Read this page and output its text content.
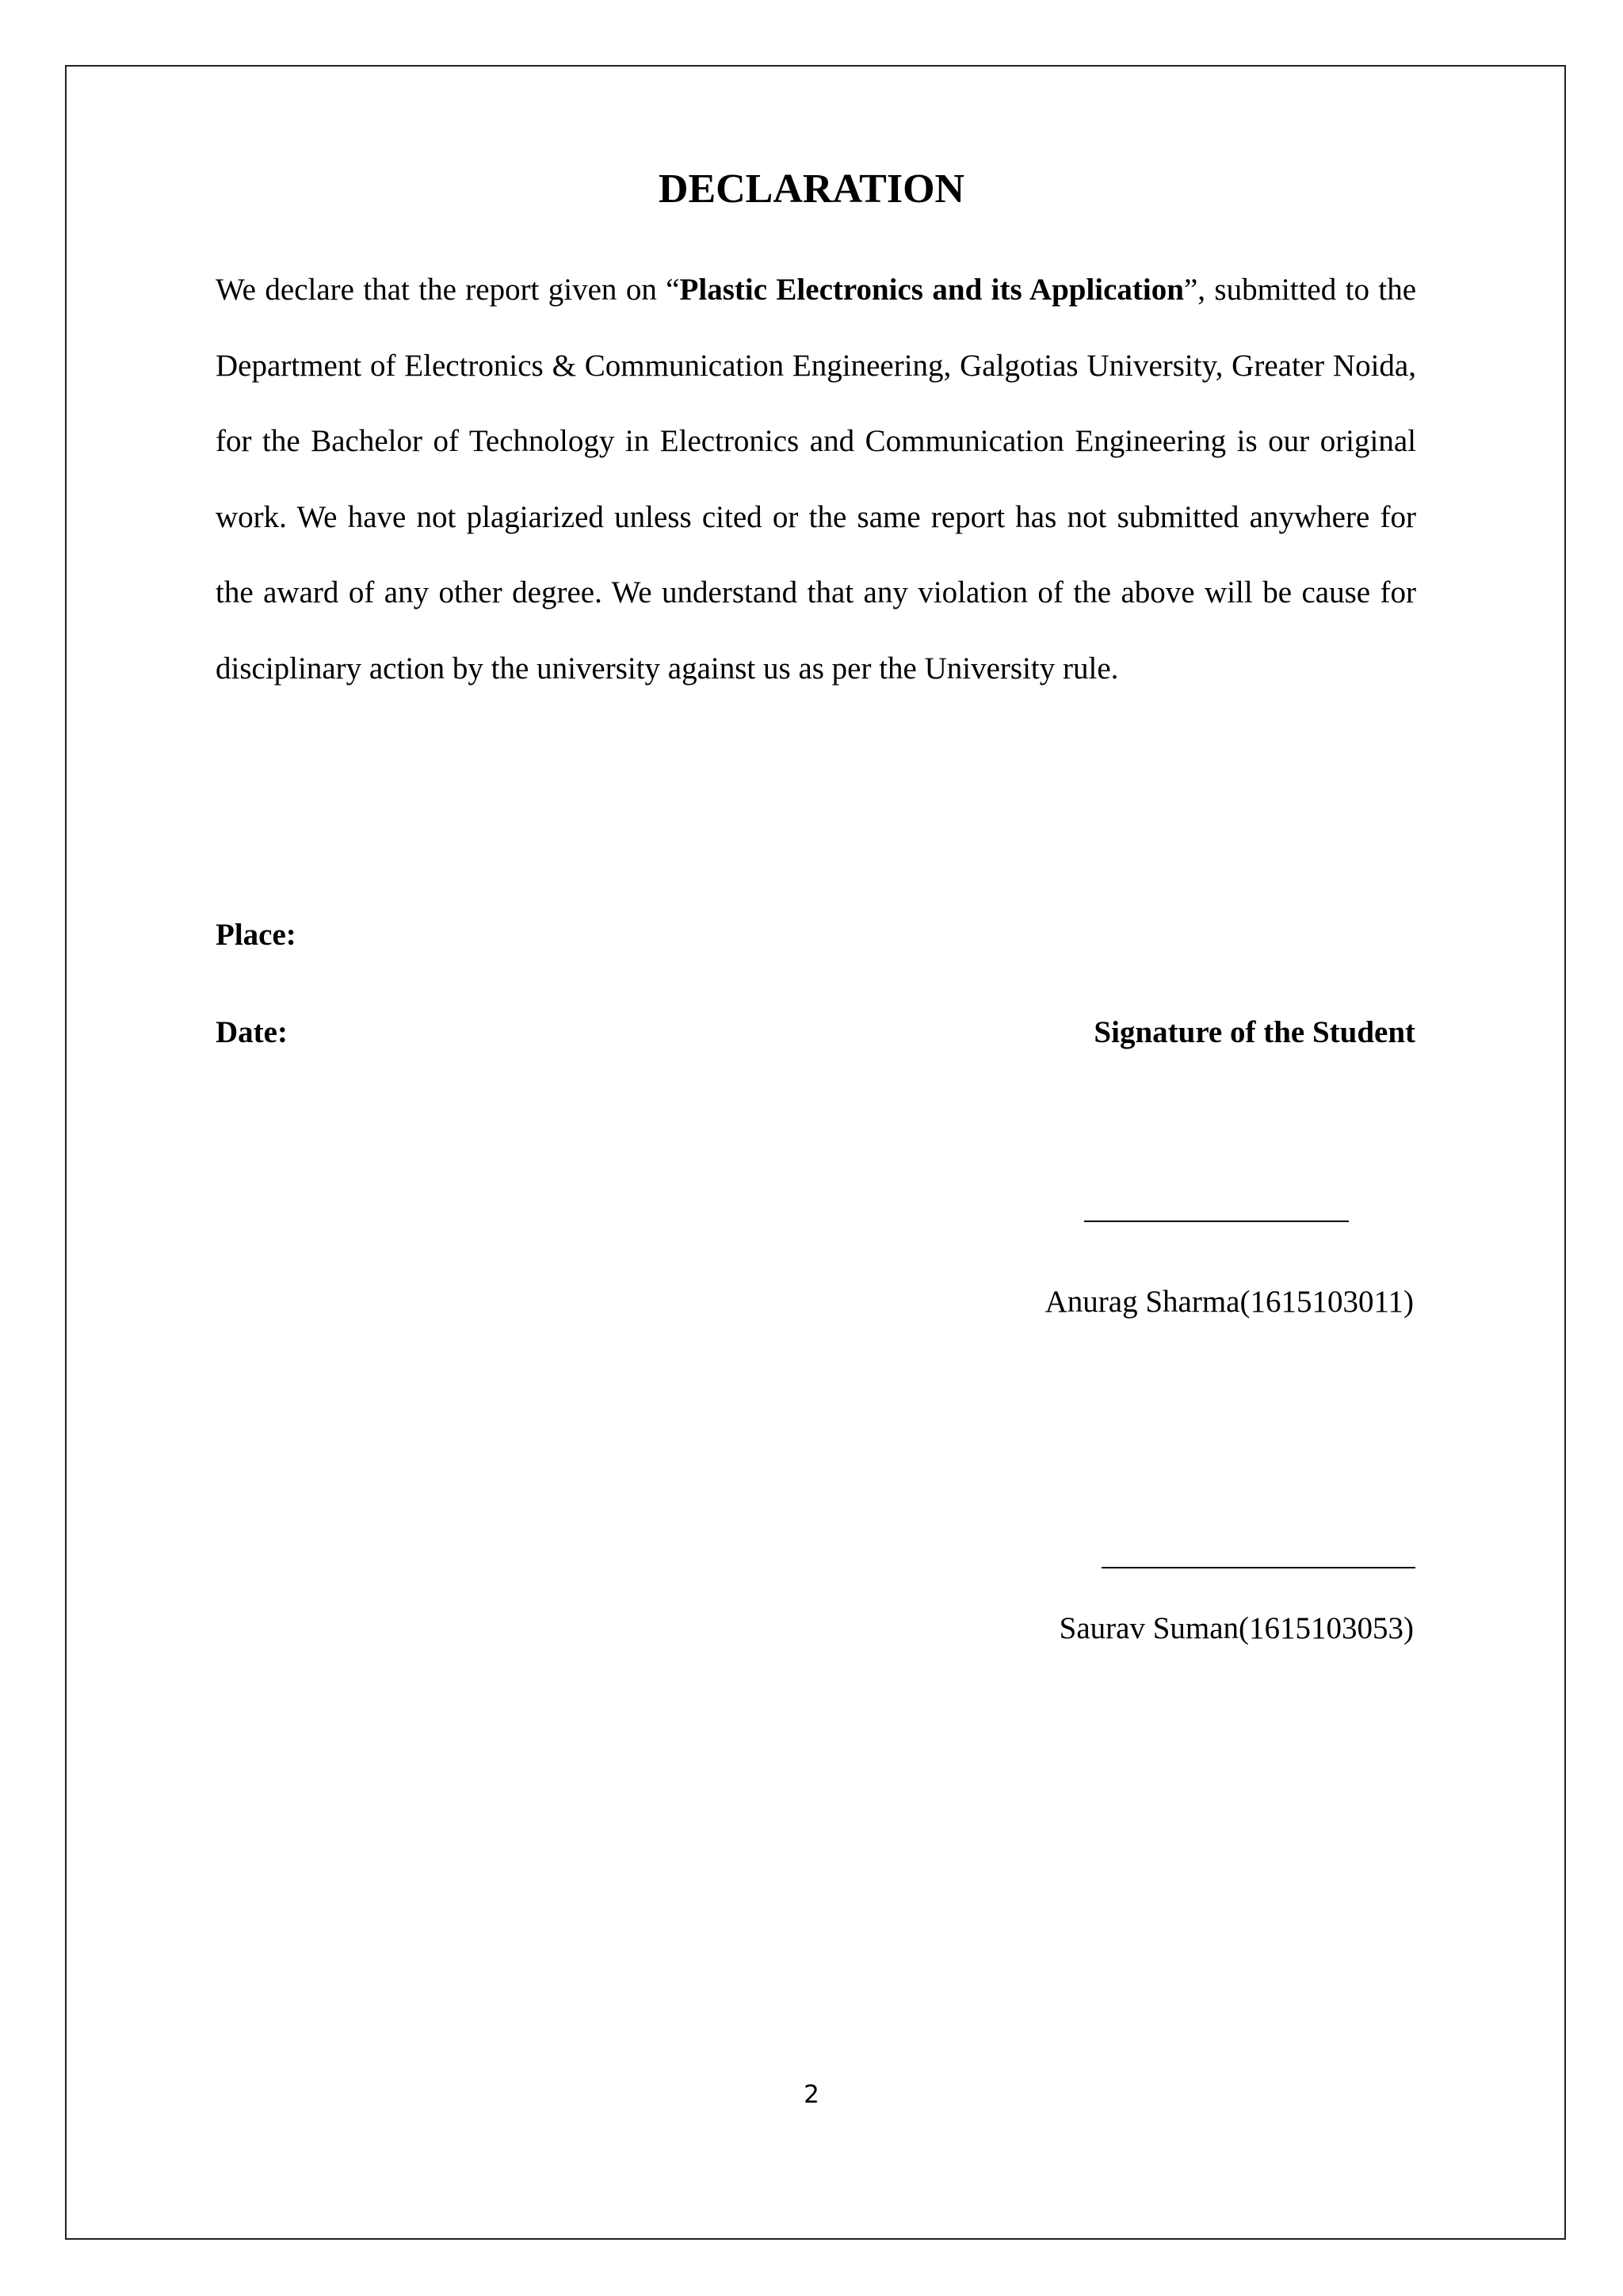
DECLARATION

We declare that the report given on “Plastic Electronics and its Application”, submitted to the Department of Electronics & Communication Engineering, Galgotias University, Greater Noida, for the Bachelor of Technology in Electronics and Communication Engineering is our original work. We have not plagiarized unless cited or the same report has not submitted anywhere for the award of any other degree. We understand that any violation of the above will be cause for disciplinary action by the university against us as per the University rule.

Place:
Date:	Signature of the Student
Anurag Sharma(1615103011)
Saurav Suman(1615103053)
2
